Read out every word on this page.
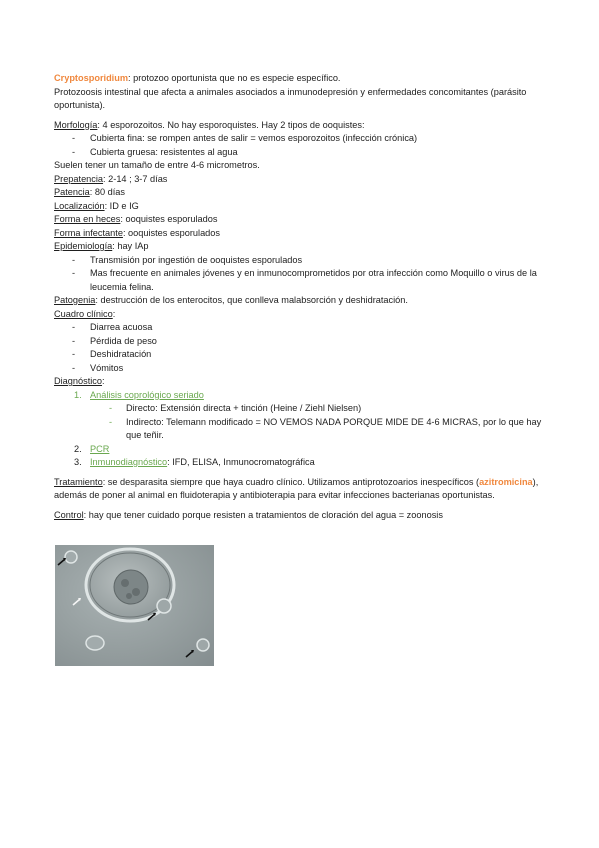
Cryptosporidium: protozoo oportunista que no es especie específico.

Protozoosis intestinal que afecta a animales asociados a inmunodepresión y enfermedades concomitantes (parásito oportunista).

Morfología: 4 esporozoitos. No hay esporoquistes. Hay 2 tipos de ooquistes:

- Cubierta fina: se rompen antes de salir = vemos esporozoitos (infección crónica)

- Cubierta gruesa: resistentes al agua

Suelen tener un tamaño de entre 4-6 micrometros.

Prepatencia: 2-14 ; 3-7 días

Patencia: 80 días

Localización: ID e IG

Forma en heces: ooquistes esporulados

Forma infectante: ooquistes esporulados

Epidemiología: hay IAp

- Transmisión por ingestión de ooquistes esporulados

- Mas frecuente en animales jóvenes y en inmunocomprometidos por otra infección como Moquillo o virus de la leucemia felina.

Patogenia: destrucción de los enterocitos, que conlleva malabsorción y deshidratación.

Cuadro clínico:

- Diarrea acuosa

- Pérdida de peso

- Deshidratación

- Vómitos

Diagnóstico:

1. Análisis coprológico seriado

- Directo: Extensión directa + tinción (Heine / Ziehl Nielsen)

- Indirecto: Telemann modificado = NO VEMOS NADA PORQUE MIDE DE 4-6 MICRAS, por lo que hay que teñir.

2. PCR

3. Inmunodiagnóstico: IFD, ELISA, Inmunocromatográfica

Tratamiento: se desparasita siempre que haya cuadro clínico. Utilizamos antiprotozoarios inespecíficos (azitromicina), además de poner al animal en fluidoterapia y antibioterapia para evitar infecciones bacterianas oportunistas.

Control: hay que tener cuidado porque resisten a tratamientos de cloración del agua = zoonosis
